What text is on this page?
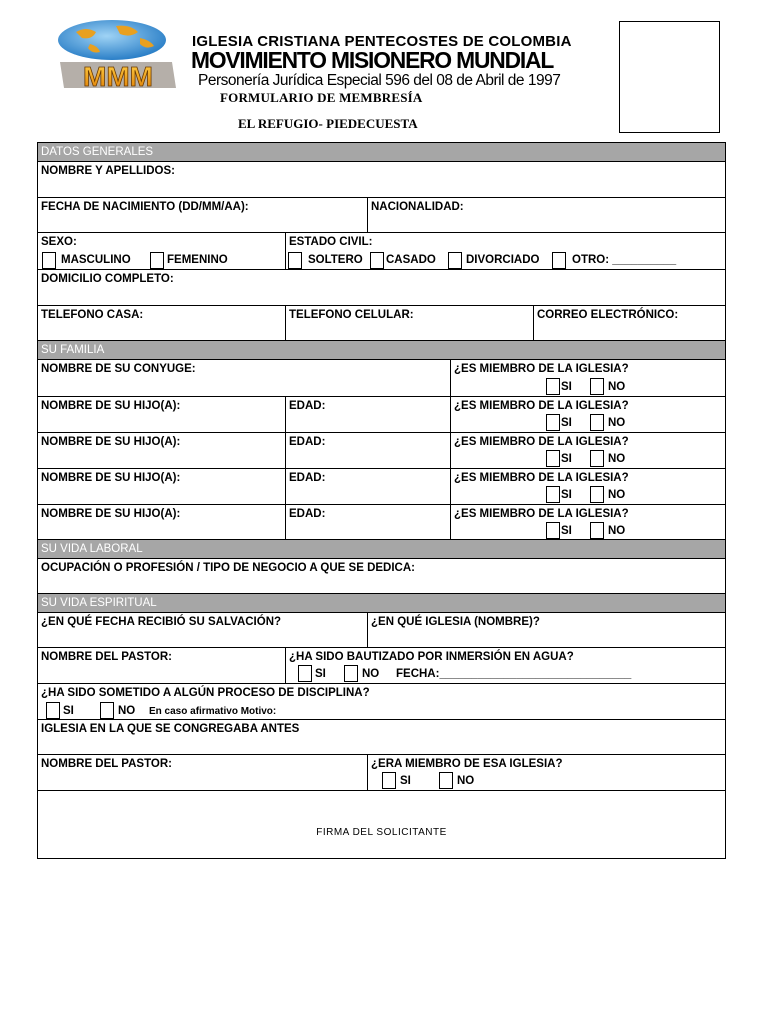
MMM
IGLESIA CRISTIANA PENTECOSTES DE COLOMBIA
MOVIMIENTO MISIONERO MUNDIAL
Personería Jurídica Especial 596 del 08 de Abril de 1997
FORMULARIO DE MEMBRESÍA
EL REFUGIO- PIEDECUESTA
DATOS GENERALES
NOMBRE Y APELLIDOS:
FECHA DE NACIMIENTO (DD/MM/AA):	NACIONALIDAD:
SEXO:
MASCULINO	FEMENINO
ESTADO CIVIL:
SOLTERO CASADO	DIVORCIADO	OTRO: __________
DOMICILIO COMPLETO:
TELEFONO CASA:	TELEFONO CELULAR:	CORREO ELECTRÓNICO:
SU FAMILIA
NOMBRE DE SU CONYUGE:	¿ES MIEMBRO DE LA IGLESIA?
SI	NO
NOMBRE DE SU HIJO(A):	EDAD:	¿ES MIEMBRO DE LA IGLESIA?
SI	NO
NOMBRE DE SU HIJO(A):	EDAD:	¿ES MIEMBRO DE LA IGLESIA?
SI	NO
NOMBRE DE SU HIJO(A):	EDAD:	¿ES MIEMBRO DE LA IGLESIA?
SI	NO
NOMBRE DE SU HIJO(A):	EDAD:	¿ES MIEMBRO DE LA IGLESIA?
SI	NO
SU VIDA LABORAL
OCUPACIÓN O PROFESIÓN / TIPO DE NEGOCIO A QUE SE DEDICA:
SU VIDA ESPIRITUAL
¿EN QUÉ FECHA RECIBIÓ SU SALVACIÓN?	¿EN QUÉ IGLESIA (NOMBRE)?
NOMBRE DEL PASTOR:	¿HA SIDO BAUTIZADO POR INMERSIÓN EN AGUA?
SI	NO FECHA:______________________________
¿HA SIDO SOMETIDO A ALGÚN PROCESO DE DISCIPLINA?
SI	NO En caso afirmativo Motivo:
IGLESIA EN LA QUE SE CONGREGABA ANTES
NOMBRE DEL PASTOR:	¿ERA MIEMBRO DE ESA IGLESIA?
SI	NO
FIRMA DEL SOLICITANTE
